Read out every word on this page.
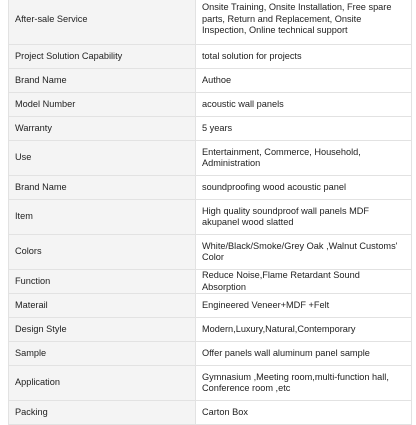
After-sale Service	Onsite Training, Onsite Installation, Free spare parts, Return and Replacement, Onsite Inspection, Online technical support
Project Solution Capability	total solution for projects
Brand Name	Authoe
Model Number	acoustic wall panels
Warranty	5 years
Use	Entertainment, Commerce, Household, Administration
Brand Name	soundproofing wood acoustic panel
Item	High quality soundproof wall panels MDF akupanel wood slatted
Colors	White/Black/Smoke/Grey Oak ,Walnut Customs' Color
Function	Reduce Noise,Flame Retardant Sound Absorption
Materail	Engineered Veneer+MDF +Felt
Design Style	Modern,Luxury,Natural,Contemporary
Sample	Offer panels wall aluminum panel sample
Application	Gymnasium ,Meeting room,multi-function hall, Conference room ,etc
Packing	Carton Box
